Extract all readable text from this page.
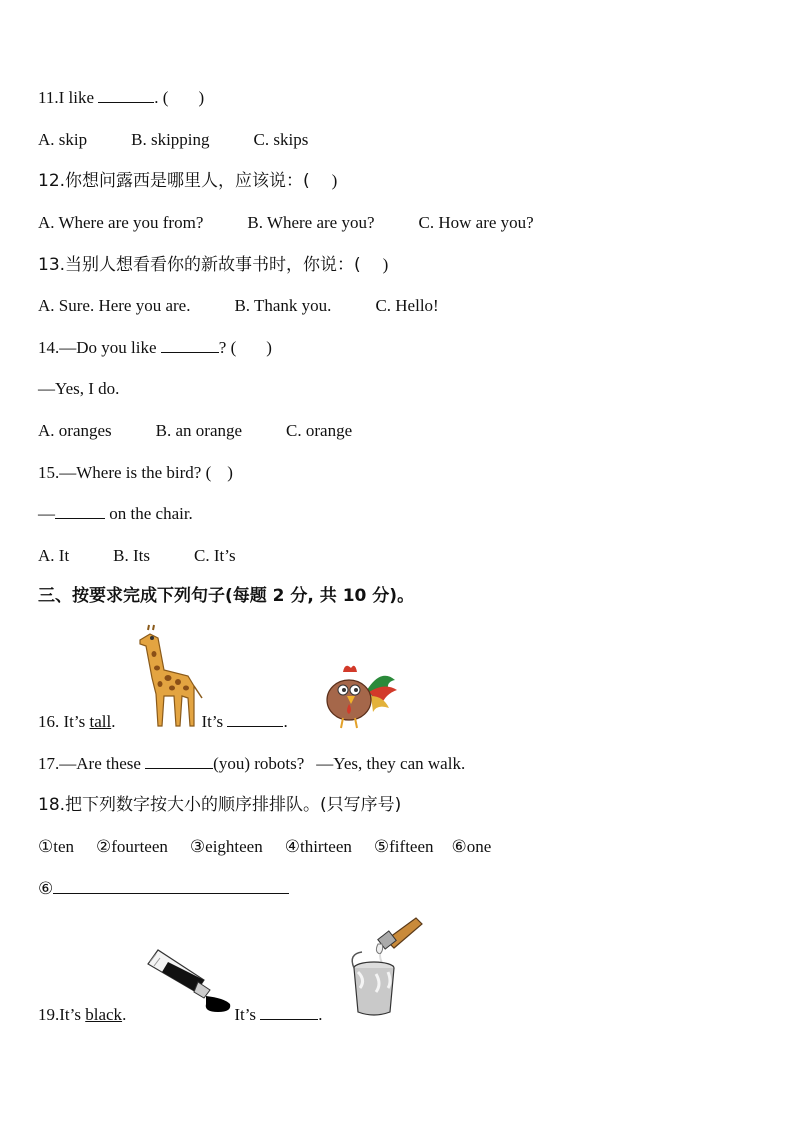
11.I like	. ( )
A. skip	B. skipping	C. skips
12.你想问露西是哪里人，应该说：( )
A. Where are you from?	B. Where are you?	C. How are you?
13.当别人想看看你的新故事书时，你说：( )
A. Sure. Here you are.	B. Thank you.	C. Hello!
14.—Do you like	? ( )
—Yes, I do.
A. oranges	B. an orange	C. orange
15.—Where is the bird? ( )
—	on the chair.
A. It	B. Its	C. It’s
三、按要求完成下列句子(每题 2 分, 共 10 分)。
16. It’s tall.	It’s	.
17.—Are these	(you) robots? —Yes, they can walk.
18.把下列数字按大小的顺序排排队。(只写序号)
①ten ②fourteen ③eighteen ④thirteen ⑤fifteen ⑥one
⑥
19.It’s black.	It’s	.
